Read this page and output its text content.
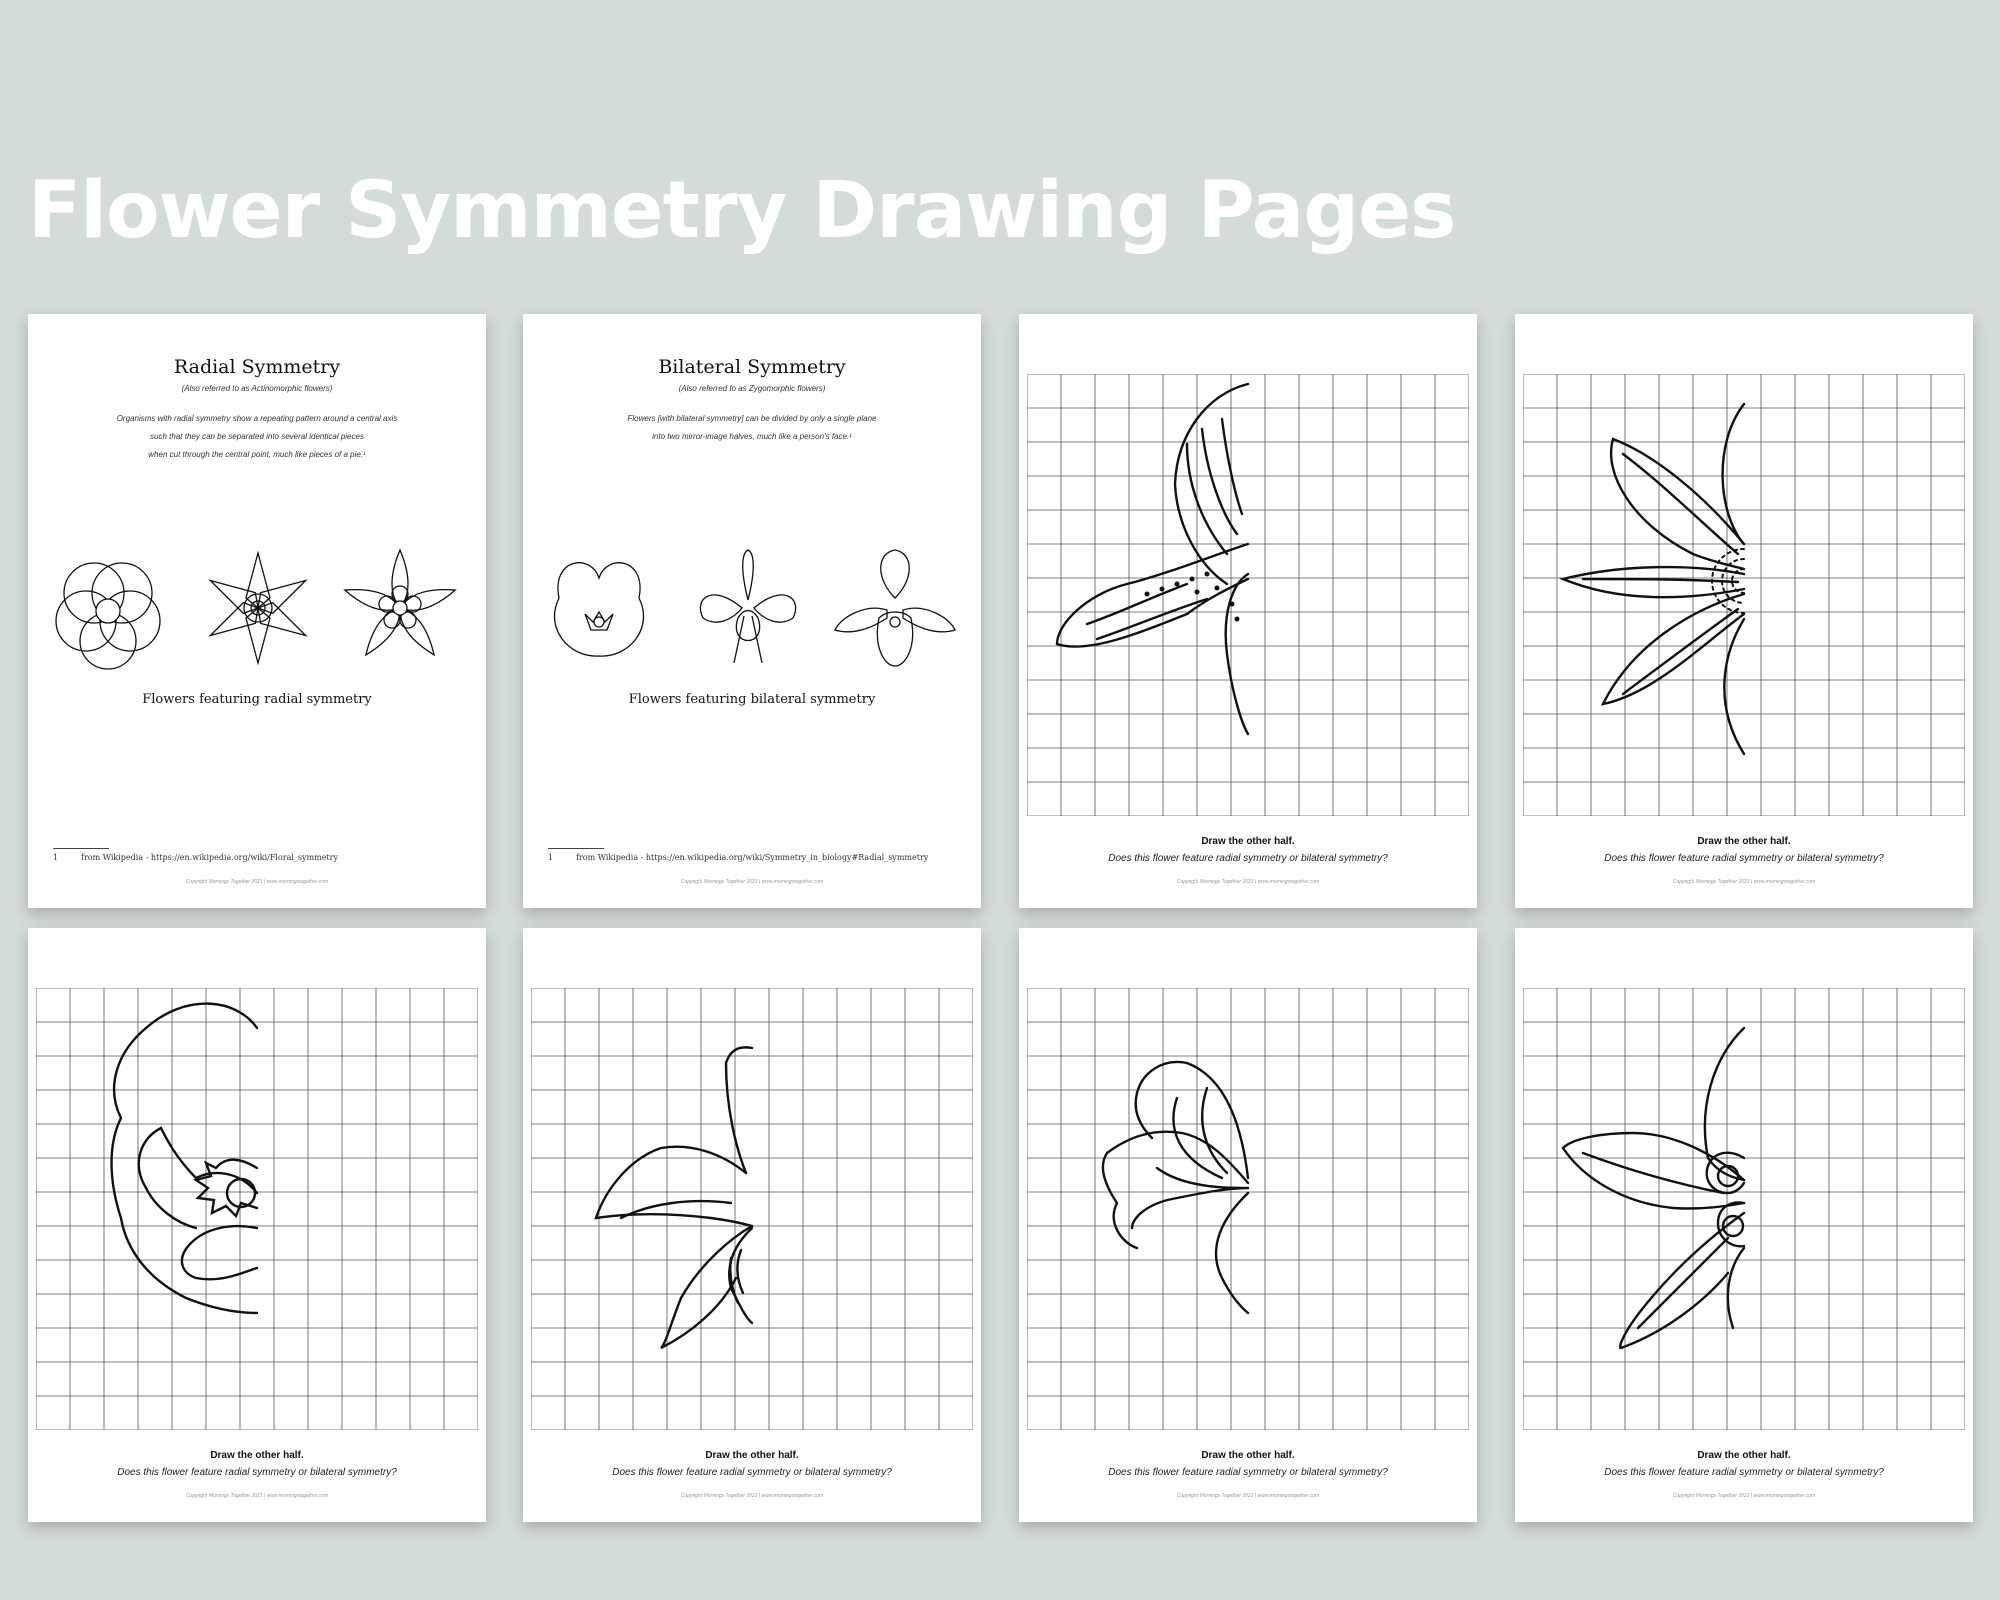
Flower Symmetry Drawing Pages
Radial Symmetry
(Also referred to as Actinomorphic flowers)
Organisms with radial symmetry show a repeating pattern around a central axis
such that they can be separated into several identical pieces
when cut through the central point, much like pieces of a pie.¹
Flowers featuring radial symmetry
1	from Wikipedia - https://en.wikipedia.org/wiki/Floral_symmetry
Copyright Mornings Together 2021 | www.morningstogether.com
Bilateral Symmetry
(Also referred to as Zygomorphic flowers)
Flowers [with bilateral symmetry] can be divided by only a single plane
into two mirror-image halves, much like a person's face.¹
Flowers featuring bilateral symmetry
1	from Wikipedia - https://en.wikipedia.org/wiki/Symmetry_in_biology#Radial_symmetry
Copyright Mornings Together 2021 | www.morningstogether.com
Draw the other half.
Does this flower feature radial symmetry or bilateral symmetry?
Copyright Mornings Together 2021 | www.morningstogether.com
Draw the other half.
Does this flower feature radial symmetry or bilateral symmetry?
Copyright Mornings Together 2021 | www.morningstogether.com
Draw the other half.
Does this flower feature radial symmetry or bilateral symmetry?
Copyright Mornings Together 2021 | www.morningstogether.com
Draw the other half.
Does this flower feature radial symmetry or bilateral symmetry?
Copyright Mornings Together 2021 | www.morningstogether.com
Draw the other half.
Does this flower feature radial symmetry or bilateral symmetry?
Copyright Mornings Together 2021 | www.morningstogether.com
Draw the other half.
Does this flower feature radial symmetry or bilateral symmetry?
Copyright Mornings Together 2021 | www.morningstogether.com
